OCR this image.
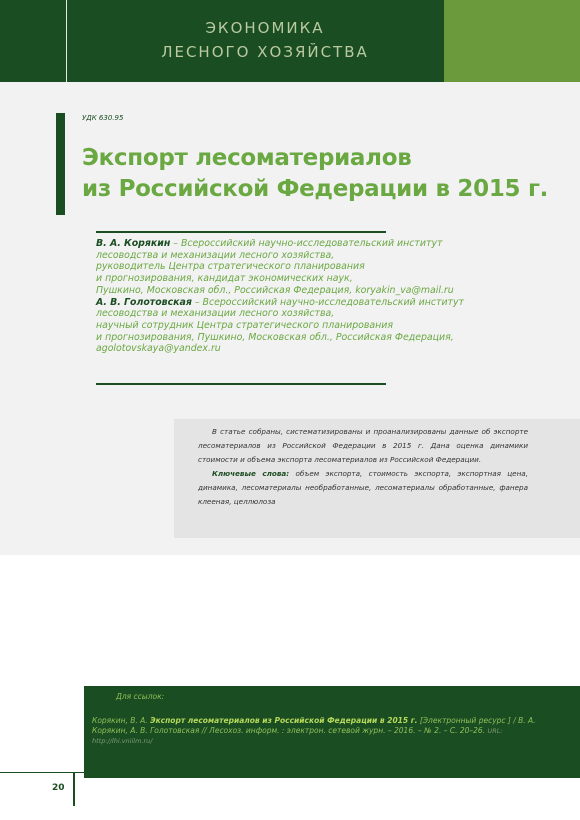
ЭКОНОМИКА
ЛЕСНОГО ХОЗЯЙСТВА
УДК 630.95
Экспорт лесоматериалов
из Российской Федерации в 2015 г.
В. А. Корякин – Всероссийский научно-исследовательский институт
лесоводства и механизации лесного хозяйства,
руководитель Центра стратегического планирования
и прогнозирования, кандидат экономических наук,
Пушкино, Московская обл., Российская Федерация, koryakin_va@mail.ru
А. В. Голотовская – Всероссийский научно-исследовательский институт
лесоводства и механизации лесного хозяйства,
научный сотрудник Центра стратегического планирования
и прогнозирования, Пушкино, Московская обл., Российская Федерация,
agolotovskaya@yandex.ru
В статье собраны, систематизированы и проанализированы данные об экспорте лесоматериалов из Российской Федерации в 2015 г. Дана оценка динамики стоимости и объема экспорта лесоматериалов из Российской Федерации.
Ключевые слова: объем экспорта, стоимость экспорта, экспортная цена, динамика, лесоматериалы необработанные, лесоматериалы обработанные, фанера клееная, целлюлоза
Для ссылок:
Корякин, В. А. Экспорт лесоматериалов из Российской Федерации в 2015 г. [Электронный ресурс ] / В. А. Корякин, А. В. Голотовская // Лесохоз. информ. : электрон. сетевой журн. – 2016. – № 2. – С. 20–26. URL: http://lhi.vniilm.ru/
20
